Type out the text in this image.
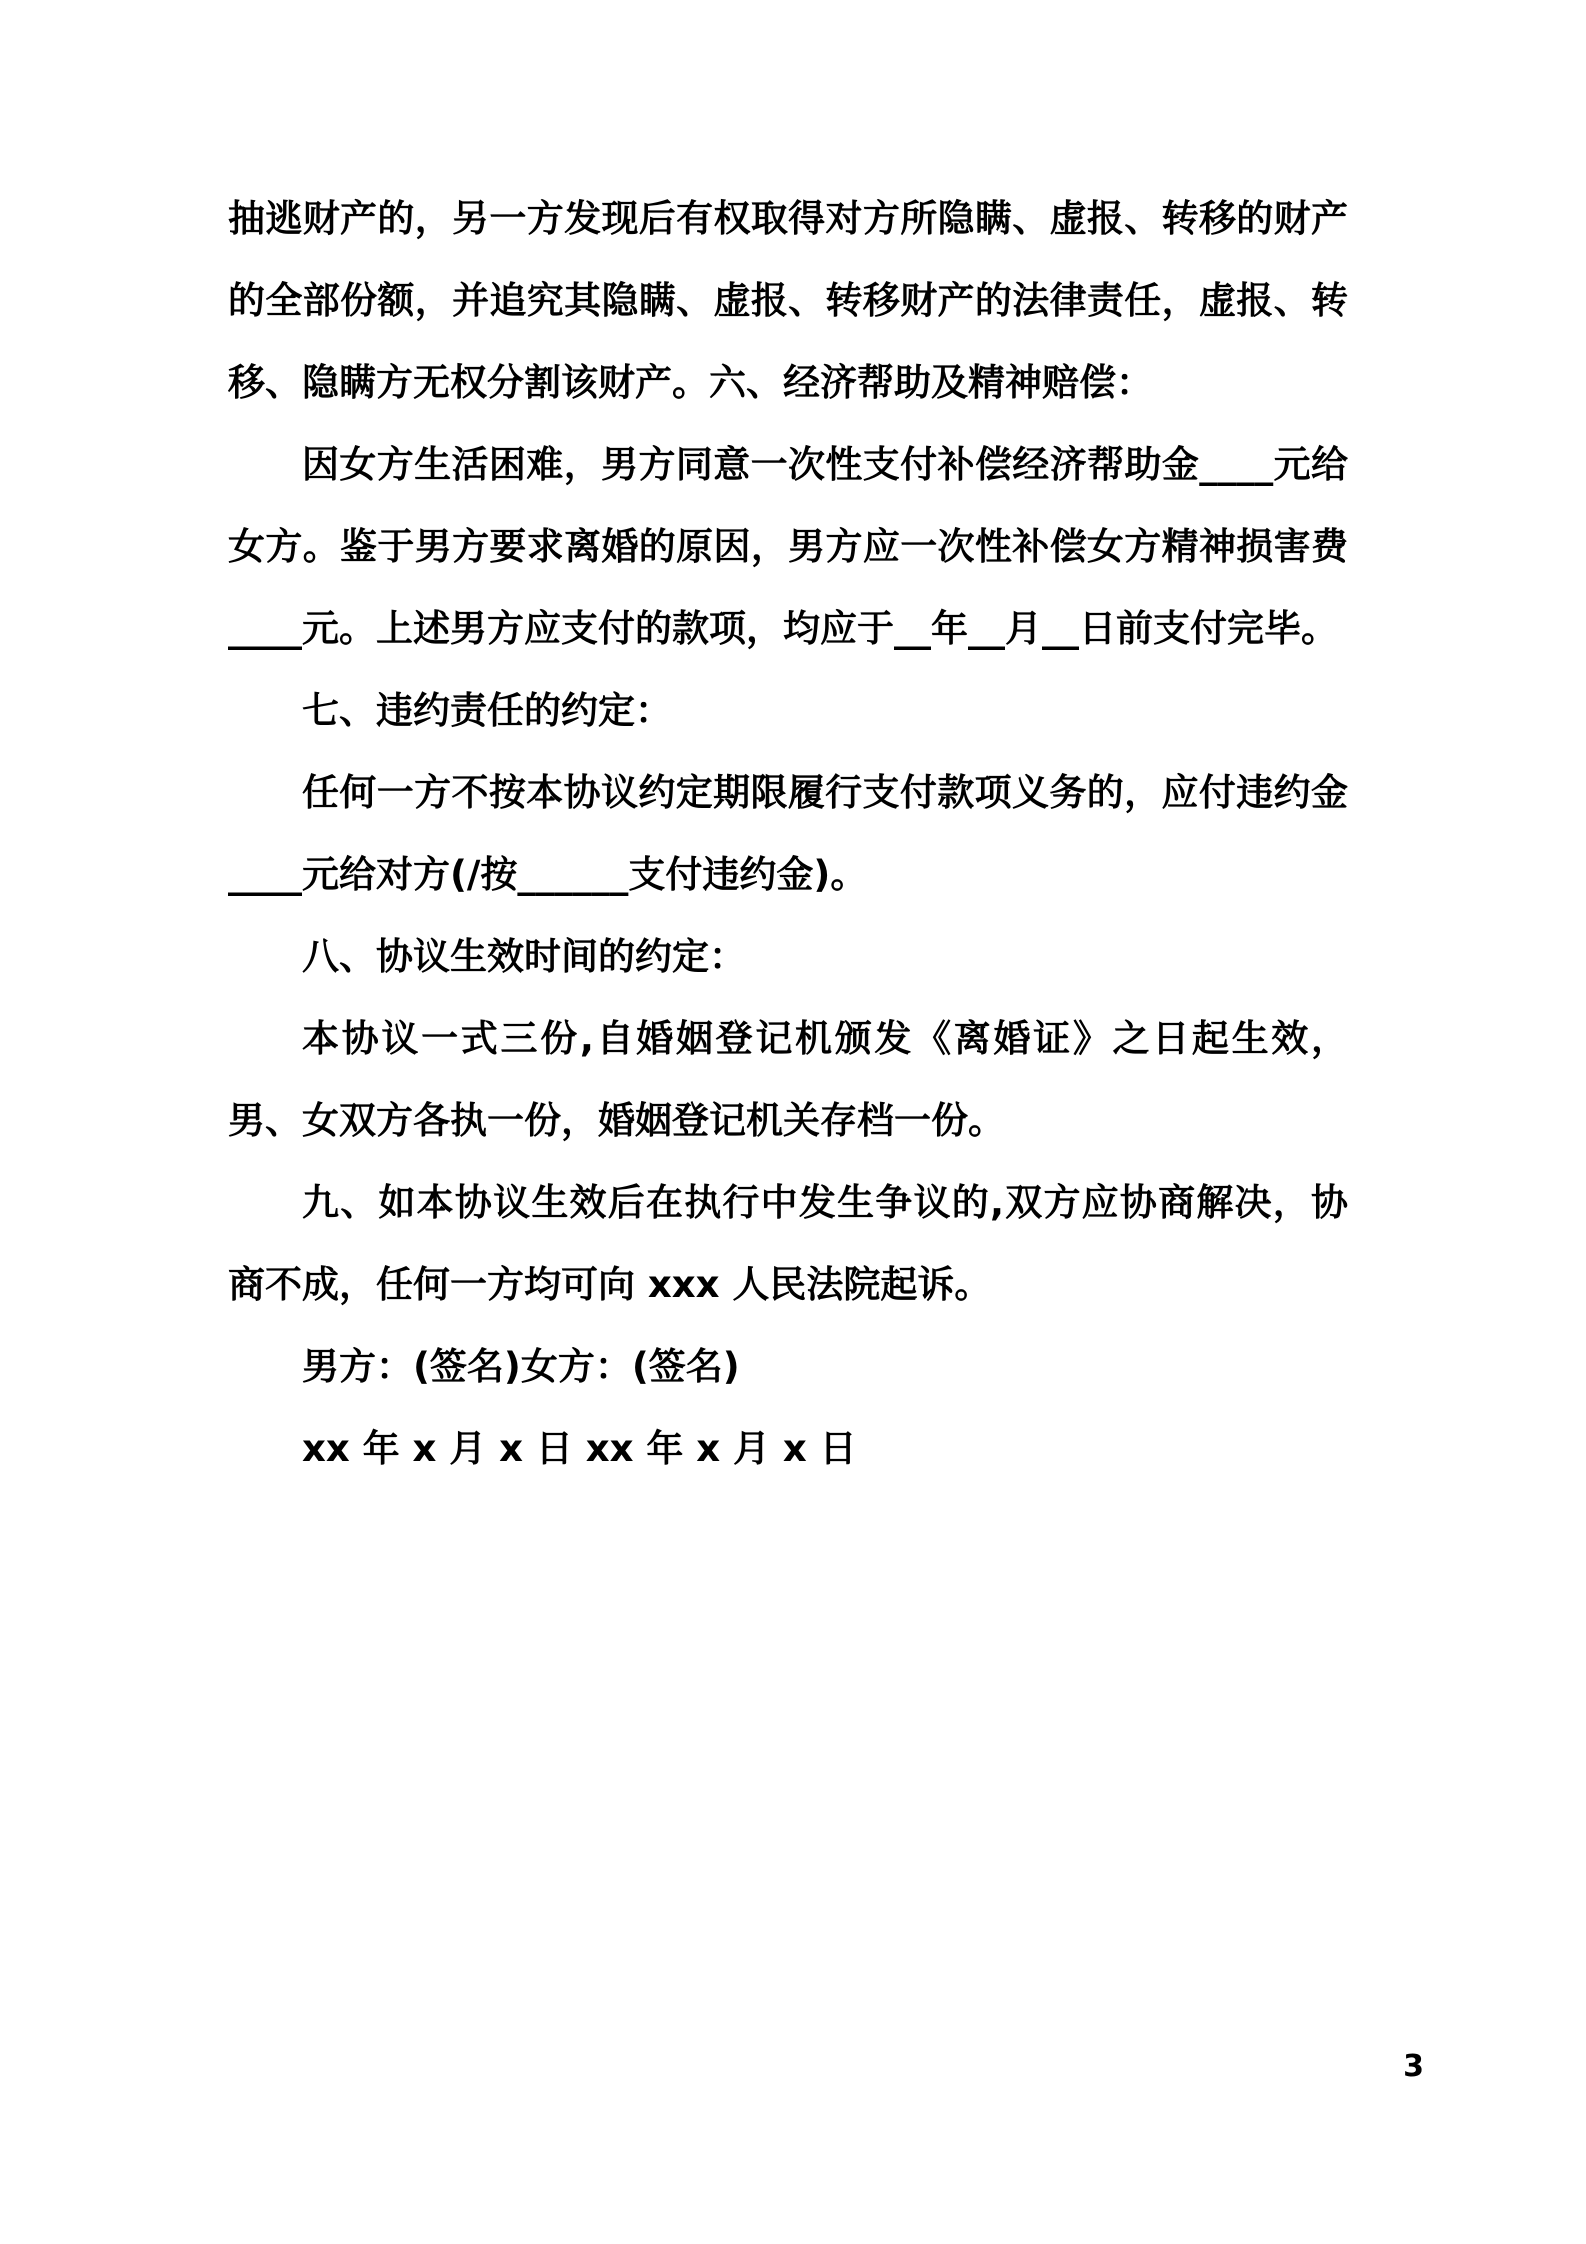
抽逃财产的，另一方发现后有权取得对方所隐瞒、虚报、转移的财产的全部份额，并追究其隐瞒、虚报、转移财产的法律责任，虚报、转移、隐瞒方无权分割该财产。六、经济帮助及精神赔偿：

因女方生活困难，男方同意一次性支付补偿经济帮助金____元给女方。鉴于男方要求离婚的原因，男方应一次性补偿女方精神损害费____元。上述男方应支付的款项，均应于__年__月__日前支付完毕。

七、违约责任的约定：

任何一方不按本协议约定期限履行支付款项义务的，应付违约金____元给对方(/按______支付违约金)。

八、协议生效时间的约定：

本协议一式三份,自婚姻登记机颁发《离婚证》之日起生效，男、女双方各执一份，婚姻登记机关存档一份。

九、如本协议生效后在执行中发生争议的,双方应协商解决，协商不成，任何一方均可向 xxx 人民法院起诉。

男方：(签名)女方：(签名)

xx 年 x 月 x 日 xx 年 x 月 x 日

3
